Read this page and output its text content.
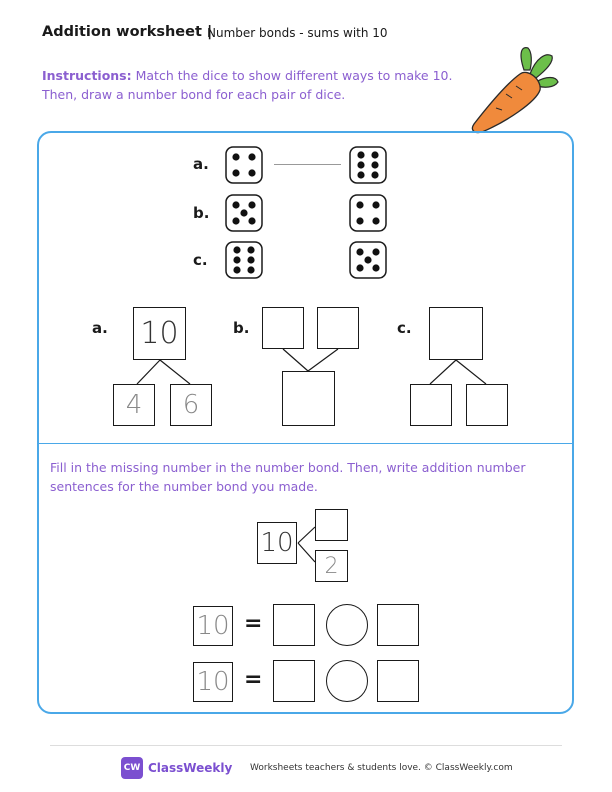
Addition worksheet |
Number bonds - sums with 10
Instructions: Match the dice to show different ways to make 10. Then, draw a number bond for each pair of dice.
a.
b.
c.
a.	b.	c.
10
4	6
Fill in the missing number in the number bond. Then, write addition number sentences for the number bond you made.
10
2
10 =
10 =
CW ClassWeekly Worksheets teachers & students love. © ClassWeekly.com
